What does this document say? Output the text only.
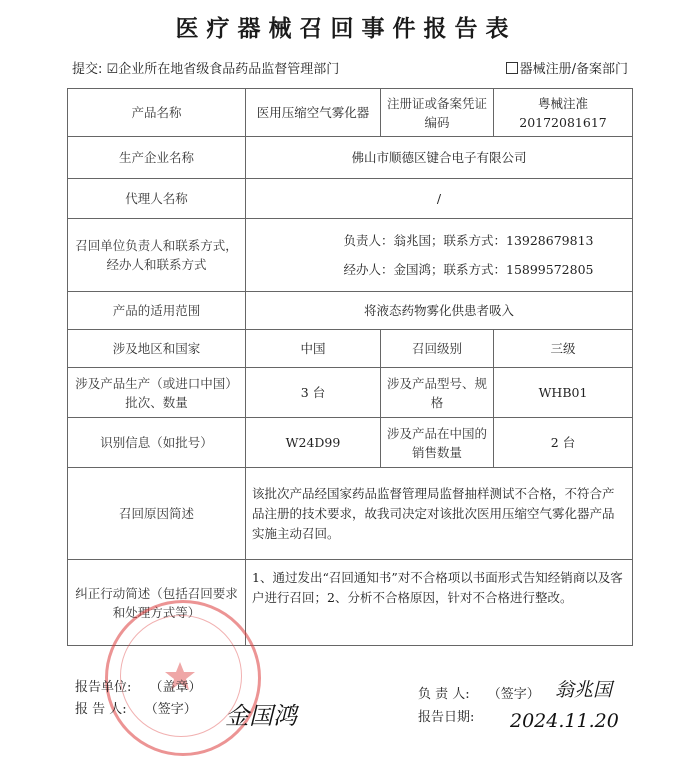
医疗器械召回事件报告表
提交: ☑企业所在地省级食品药品监督管理部门	器械注册/备案部门
产品名称	医用压缩空气雾化器	注册证或备案凭证编码	粤械注准 20172081617
生产企业名称	佛山市顺德区键合电子有限公司		
代理人名称	/		
召回单位负责人和联系方式，经办人和联系方式	负责人：翁兆国；联系方式：13928679813
经办人：金国鸿；联系方式：15899572805		

产品的适用范围	将液态药物雾化供患者吸入		
涉及地区和国家	中国	召回级别	三级
涉及产品生产（或进口中国）批次、数量	3 台	涉及产品型号、规格	WHB01
识别信息（如批号）	W24D99	涉及产品在中国的销售数量	2 台
召回原因简述	该批次产品经国家药品监督管理局监督抽样测试不合格，不符合产品注册的技术要求，故我司决定对该批次医用压缩空气雾化器产品实施主动召回。		
纠正行动简述（包括召回要求和处理方式等）	1、通过发出“召回通知书”对不合格项以书面形式告知经销商以及客户进行召回；2、分析不合格原因，针对不合格进行整改。		
报告单位: （盖章）
报 告 人: （签字） 金国鸿
负 责 人: （签字） 翁兆国
报告日期: 2024.11.20
